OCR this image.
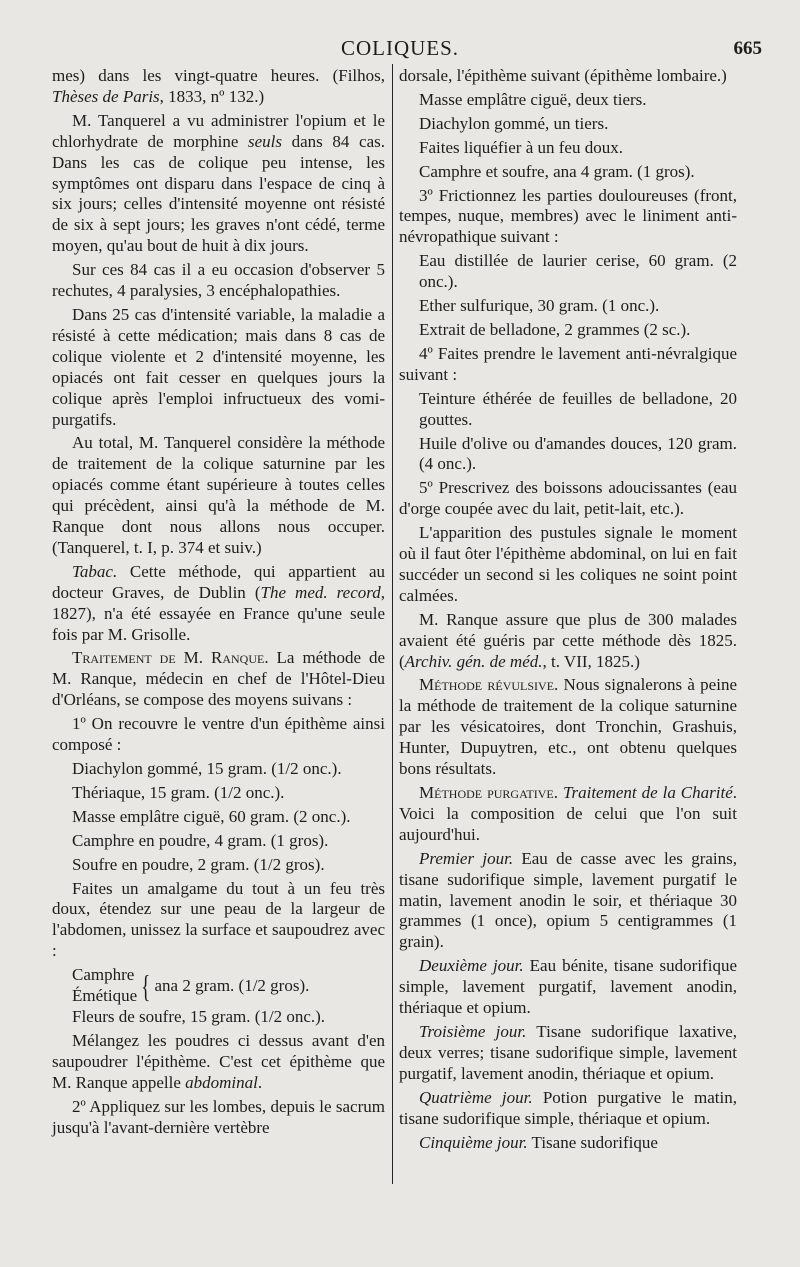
COLIQUES.	665

mes) dans les vingt-quatre heures. (Filhos, Thèses de Paris, 1833, nº 132.)

M. Tanquerel a vu administrer l'opium et le chlorhydrate de morphine seuls dans 84 cas. Dans les cas de colique peu intense, les symptômes ont disparu dans l'espace de cinq à six jours; celles d'intensité moyenne ont résisté de six à sept jours; les graves n'ont cédé, terme moyen, qu'au bout de huit à dix jours.

Sur ces 84 cas il a eu occasion d'observer 5 rechutes, 4 paralysies, 3 encéphalopathies.

Dans 25 cas d'intensité variable, la maladie a résisté à cette médication; mais dans 8 cas de colique violente et 2 d'intensité moyenne, les opiacés ont fait cesser en quelques jours la colique après l'emploi infructueux des vomi-purgatifs.

Au total, M. Tanquerel considère la méthode de traitement de la colique saturnine par les opiacés comme étant supérieure à toutes celles qui précèdent, ainsi qu'à la méthode de M. Ranque dont nous allons nous occuper. (Tanquerel, t. I, p. 374 et suiv.)

Tabac. Cette méthode, qui appartient au docteur Graves, de Dublin (The med. record, 1827), n'a été essayée en France qu'une seule fois par M. Grisolle.

Traitement de M. Ranque. La méthode de M. Ranque, médecin en chef de l'Hôtel-Dieu d'Orléans, se compose des moyens suivans :

1º On recouvre le ventre d'un épithème ainsi composé :

Diachylon gommé, 15 gram. (1/2 onc.).

Thériaque, 15 gram. (1/2 onc.).

Masse emplâtre ciguë, 60 gram. (2 onc.).

Camphre en poudre, 4 gram. (1 gros).

Soufre en poudre, 2 gram. (1/2 gros).

Faites un amalgame du tout à un feu très doux, étendez sur une peau de la largeur de l'abdomen, unissez la surface et saupoudrez avec :

Camphre
Émétique { ana 2 gram. (1/2 gros).

Fleurs de soufre, 15 gram. (1/2 onc.).

Mélangez les poudres ci dessus avant d'en saupoudrer l'épithème. C'est cet épithème que M. Ranque appelle abdominal.

2º Appliquez sur les lombes, depuis le sacrum jusqu'à l'avant-dernière vertèbre

dorsale, l'épithème suivant (épithème lombaire.)

Masse emplâtre ciguë, deux tiers.

Diachylon gommé, un tiers.

Faites liquéfier à un feu doux.

Camphre et soufre, ana 4 gram. (1 gros).

3º Frictionnez les parties douloureuses (front, tempes, nuque, membres) avec le liniment anti-névropathique suivant :

Eau distillée de laurier cerise, 60 gram. (2 onc.).

Ether sulfurique, 30 gram. (1 onc.).

Extrait de belladone, 2 grammes (2 sc.).

4º Faites prendre le lavement anti-névralgique suivant :

Teinture éthérée de feuilles de belladone, 20 gouttes.

Huile d'olive ou d'amandes douces, 120 gram. (4 onc.).

5º Prescrivez des boissons adoucissantes (eau d'orge coupée avec du lait, petit-lait, etc.).

L'apparition des pustules signale le moment où il faut ôter l'épithème abdominal, on lui en fait succéder un second si les coliques ne soint point calmées.

M. Ranque assure que plus de 300 malades avaient été guéris par cette méthode dès 1825. (Archiv. gén. de méd., t. VII, 1825.)

Méthode révulsive. Nous signalerons à peine la méthode de traitement de la colique saturnine par les vésicatoires, dont Tronchin, Grashuis, Hunter, Dupuytren, etc., ont obtenu quelques bons résultats.

Méthode purgative. Traitement de la Charité. Voici la composition de celui que l'on suit aujourd'hui.

Premier jour. Eau de casse avec les grains, tisane sudorifique simple, lavement purgatif le matin, lavement anodin le soir, et thériaque 30 grammes (1 once), opium 5 centigrammes (1 grain).

Deuxième jour. Eau bénite, tisane sudorifique simple, lavement purgatif, lavement anodin, thériaque et opium.

Troisième jour. Tisane sudorifique laxative, deux verres; tisane sudorifique simple, lavement purgatif, lavement anodin, thériaque et opium.

Quatrième jour. Potion purgative le matin, tisane sudorifique simple, thériaque et opium.

Cinquième jour. Tisane sudorifique
